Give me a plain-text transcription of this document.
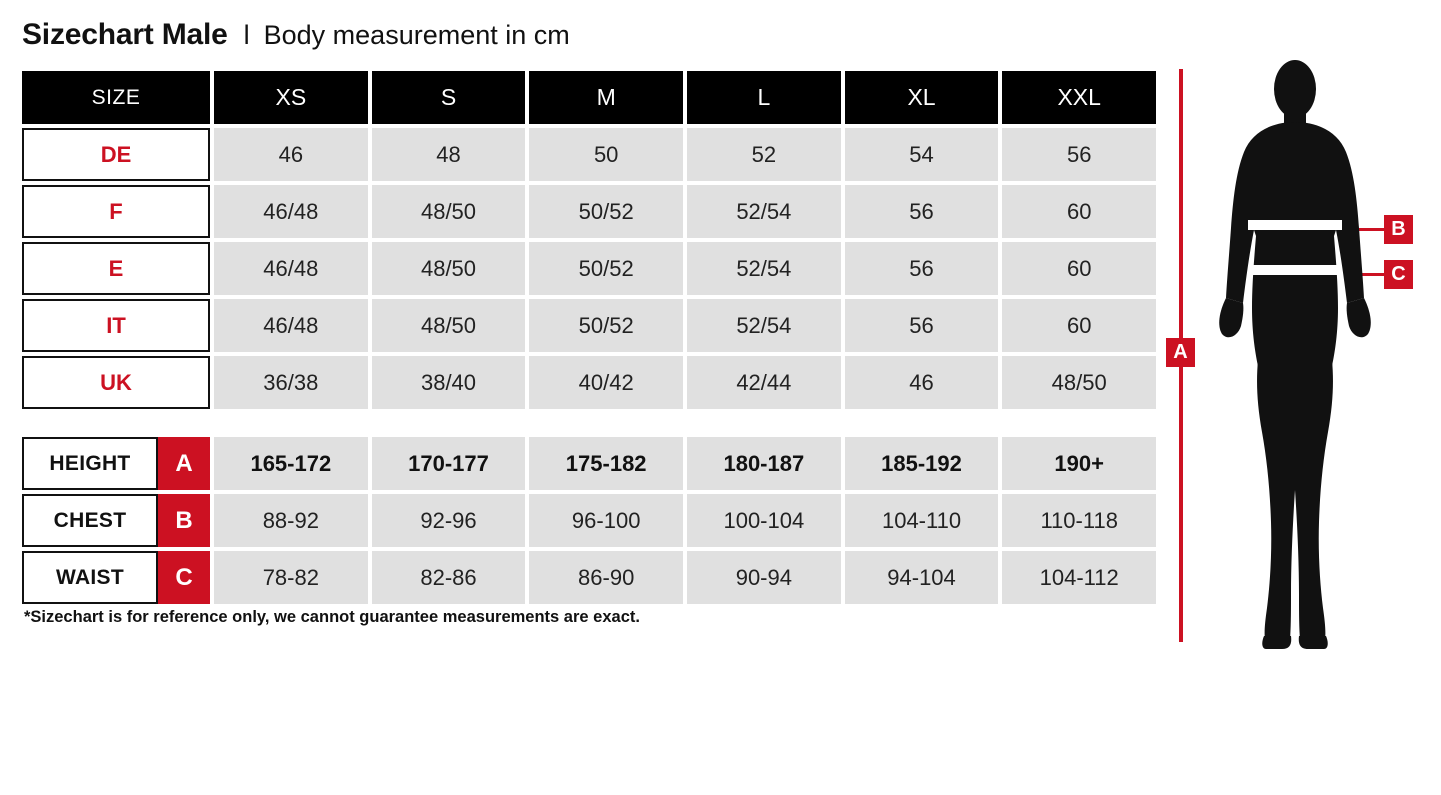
Sizechart Male l Body measurement in cm
SIZE	XS	S	M	L	XL	XXL
DE	46	48	50	52	54	56
F	46/48	48/50	50/52	52/54	56	60
E	46/48	48/50	50/52	52/54	56	60
IT	46/48	48/50	50/52	52/54	56	60
UK	36/38	38/40	40/42	42/44	46	48/50
HEIGHT	A	165-172	170-177	175-182	180-187	185-192	190+
CHEST	B	88-92	92-96	96-100	100-104	104-110	110-118
WAIST	C	78-82	82-86	86-90	90-94	94-104	104-112
*Sizechart is for reference only, we cannot guarantee measurements are exact.
A
B
C
